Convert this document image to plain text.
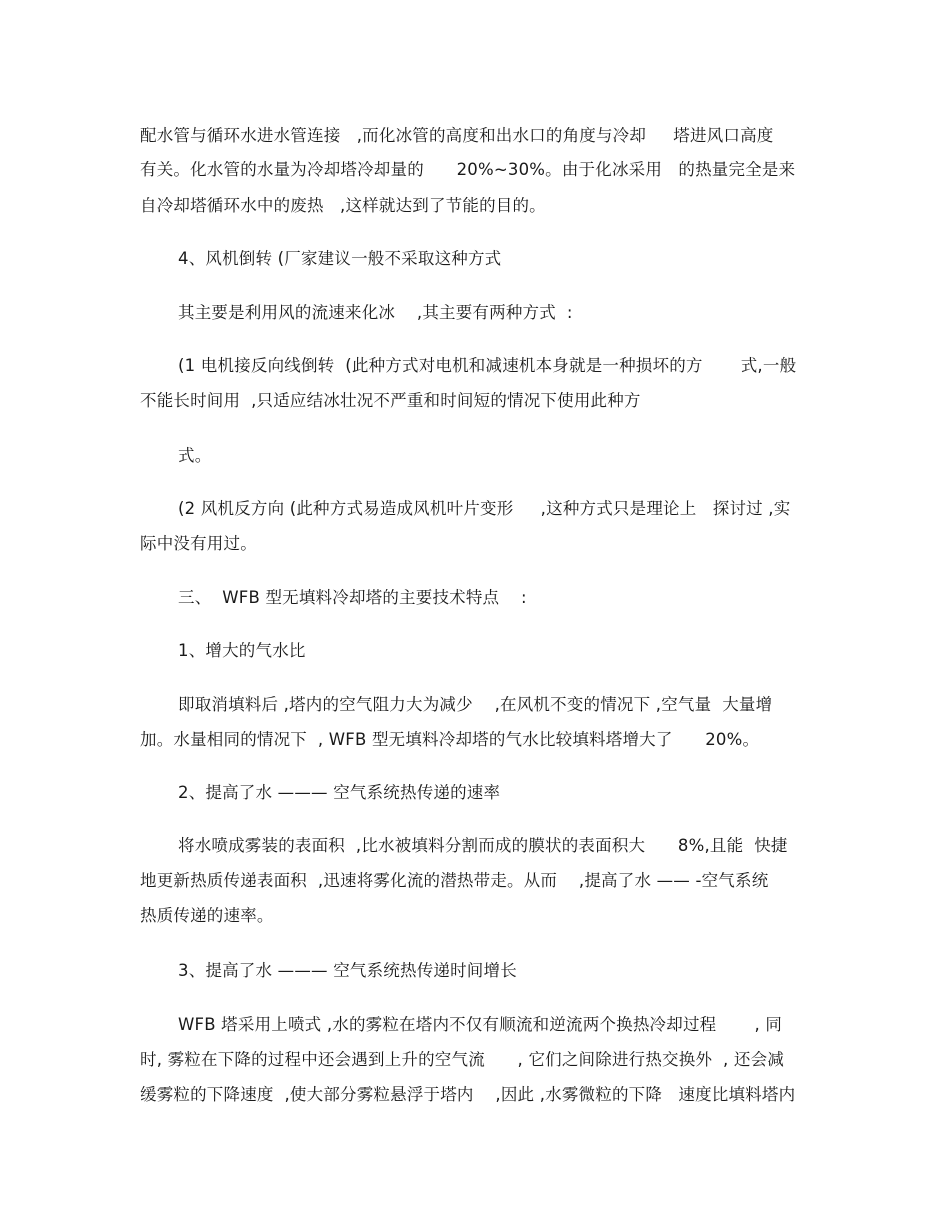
配水管与循环水进水管连接   ,而化冰管的高度和出水口的角度与冷却     塔进风口高度
有关。化水管的水量为冷却塔冷却量的      20%~30%。由于化冰采用   的热量完全是来
自冷却塔循环水中的废热   ,这样就达到了节能的目的。
4、风机倒转 (厂家建议一般不采取这种方式
其主要是利用风的流速来化冰    ,其主要有两种方式  :
(1 电机接反向线倒转  (此种方式对电机和减速机本身就是一种损坏的方       式,一般
不能长时间用  ,只适应结冰壮况不严重和时间短的情况下使用此种方
式。
(2 风机反方向 (此种方式易造成风机叶片变形     ,这种方式只是理论上   探讨过 ,实
际中没有用过。
三、  WFB 型无填料冷却塔的主要技术特点    :
1、增大的气水比
即取消填料后 ,塔内的空气阻力大为减少    ,在风机不变的情况下 ,空气量  大量增
加。水量相同的情况下  , WFB 型无填料冷却塔的气水比较填料塔增大了      20%。
2、提高了水 ——— 空气系统热传递的速率
将水喷成雾装的表面积  ,比水被填料分割而成的膜状的表面积大      8%,且能  快捷
地更新热质传递表面积  ,迅速将雾化流的潜热带走。从而    ,提高了水 —— -空气系统
热质传递的速率。
3、提高了水 ——— 空气系统热传递时间增长
WFB 塔采用上喷式 ,水的雾粒在塔内不仅有顺流和逆流两个换热冷却过程       , 同
时, 雾粒在下降的过程中还会遇到上升的空气流      , 它们之间除进行热交换外  , 还会减
缓雾粒的下降速度  ,使大部分雾粒悬浮于塔内    ,因此 ,水雾微粒的下降   速度比填料塔内
